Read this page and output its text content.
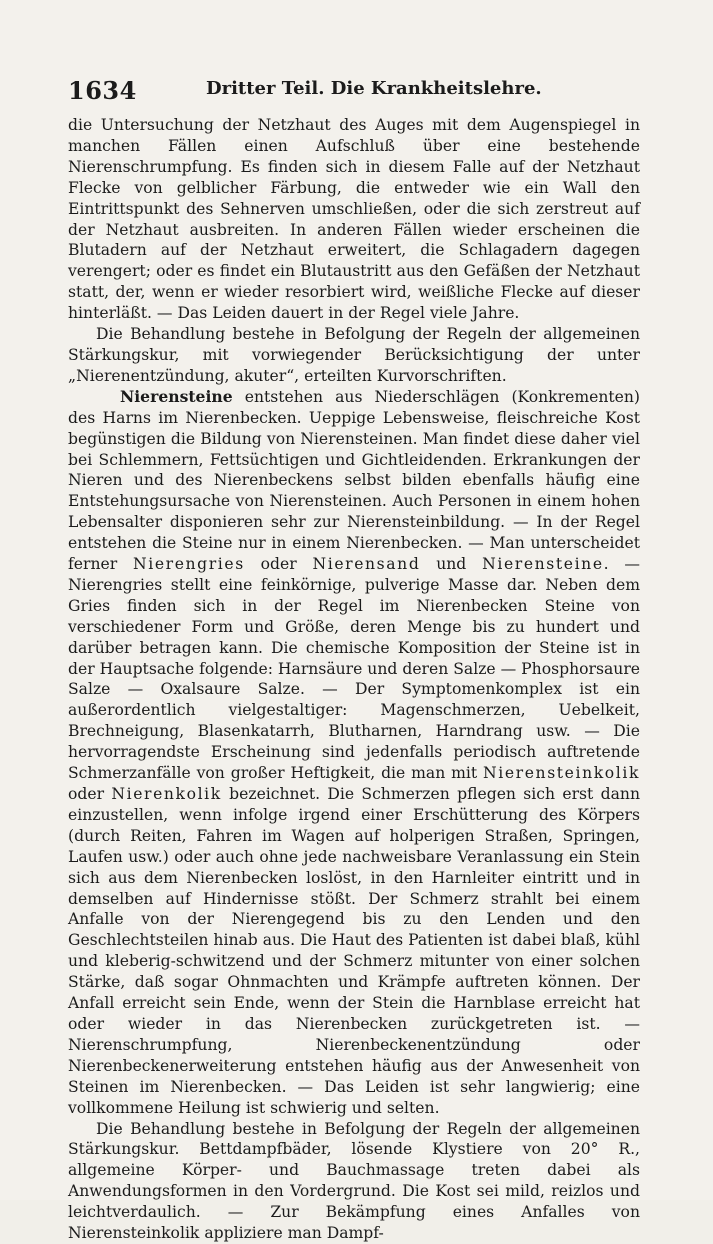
1634	Dritter Teil. Die Krankheitslehre.

die Untersuchung der Netzhaut des Auges mit dem Augenspiegel in manchen Fällen einen Aufschluß über eine bestehende Nierenschrumpfung. Es finden sich in diesem Falle auf der Netzhaut Flecke von gelblicher Färbung, die entweder wie ein Wall den Eintrittspunkt des Sehnerven umschließen, oder die sich zerstreut auf der Netzhaut ausbreiten. In anderen Fällen wieder erscheinen die Blutadern auf der Netzhaut erweitert, die Schlagadern dagegen verengert; oder es findet ein Blutaustritt aus den Gefäßen der Netzhaut statt, der, wenn er wieder resorbiert wird, weißliche Flecke auf dieser hinterläßt. — Das Leiden dauert in der Regel viele Jahre.

Die Behandlung bestehe in Befolgung der Regeln der allgemeinen Stärkungskur, mit vorwiegender Berücksichtigung der unter „Nierenentzündung, akuter“, erteilten Kurvorschriften.

Nierensteine entstehen aus Niederschlägen (Konkrementen) des Harns im Nierenbecken. Ueppige Lebensweise, fleischreiche Kost begünstigen die Bildung von Nierensteinen. Man findet diese daher viel bei Schlemmern, Fettsüchtigen und Gichtleidenden. Erkrankungen der Nieren und des Nierenbeckens selbst bilden ebenfalls häufig eine Entstehungsursache von Nierensteinen. Auch Personen in einem hohen Lebensalter disponieren sehr zur Nierensteinbildung. — In der Regel entstehen die Steine nur in einem Nierenbecken. — Man unterscheidet ferner Nierengries oder Nierensand und Nierensteine. — Nierengries stellt eine feinkörnige, pulverige Masse dar. Neben dem Gries finden sich in der Regel im Nierenbecken Steine von verschiedener Form und Größe, deren Menge bis zu hundert und darüber betragen kann. Die chemische Komposition der Steine ist in der Hauptsache folgende: Harnsäure und deren Salze — Phosphorsaure Salze — Oxalsaure Salze. — Der Symptomenkomplex ist ein außerordentlich vielgestaltiger: Magenschmerzen, Uebelkeit, Brechneigung, Blasenkatarrh, Blutharnen, Harndrang usw. — Die hervorragendste Erscheinung sind jedenfalls periodisch auftretende Schmerzanfälle von großer Heftigkeit, die man mit Nierensteinkolik oder Nierenkolik bezeichnet. Die Schmerzen pflegen sich erst dann einzustellen, wenn infolge irgend einer Erschütterung des Körpers (durch Reiten, Fahren im Wagen auf holperigen Straßen, Springen, Laufen usw.) oder auch ohne jede nachweisbare Veranlassung ein Stein sich aus dem Nierenbecken loslöst, in den Harnleiter eintritt und in demselben auf Hindernisse stößt. Der Schmerz strahlt bei einem Anfalle von der Nierengegend bis zu den Lenden und den Geschlechtsteilen hinab aus. Die Haut des Patienten ist dabei blaß, kühl und kleberig-schwitzend und der Schmerz mitunter von einer solchen Stärke, daß sogar Ohnmachten und Krämpfe auftreten können. Der Anfall erreicht sein Ende, wenn der Stein die Harnblase erreicht hat oder wieder in das Nierenbecken zurückgetreten ist. — Nierenschrumpfung, Nierenbeckenentzündung oder Nierenbeckenerweiterung entstehen häufig aus der Anwesenheit von Steinen im Nierenbecken. — Das Leiden ist sehr langwierig; eine vollkommene Heilung ist schwierig und selten.

Die Behandlung bestehe in Befolgung der Regeln der allgemeinen Stärkungskur. Bettdampfbäder, lösende Klystiere von 20° R., allgemeine Körper- und Bauchmassage treten dabei als Anwendungsformen in den Vordergrund. Die Kost sei mild, reizlos und leichtverdaulich. — Zur Bekämpfung eines Anfalles von Nierensteinkolik appliziere man Dampf-
